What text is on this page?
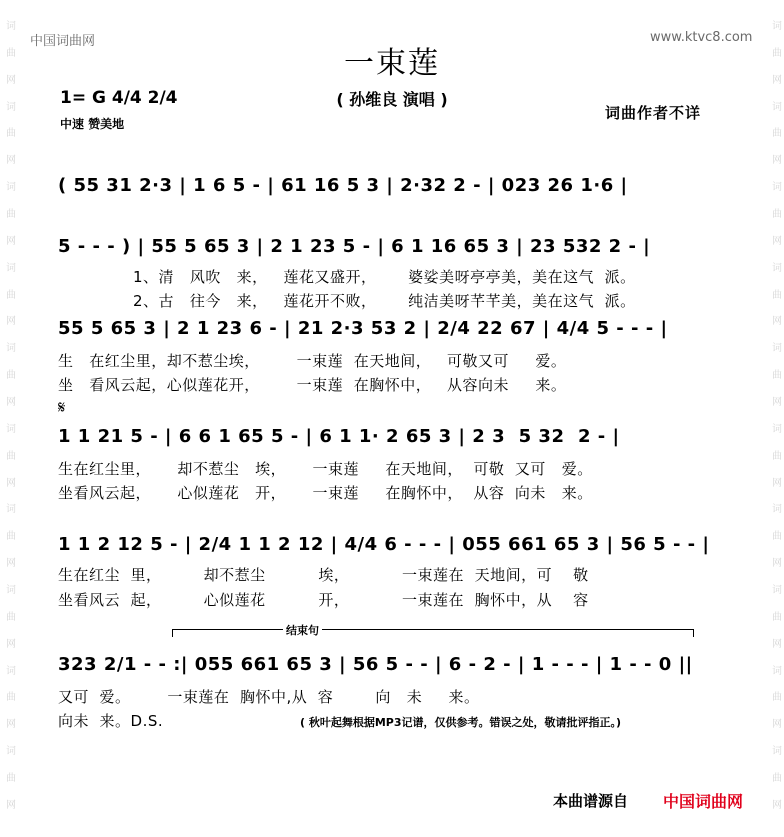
词
曲
网
词
曲
网
词
曲
网
词
曲
网
词
曲
网
词
曲
网
词
曲
网
词
曲
网
词
曲
网
词
曲
网
词
曲
网
词
曲
网
词
曲
网
词
曲
网
词
曲
网
词
曲
网
词
曲
网
词
曲
网
词
曲
网
词
曲
网
中国词曲网	www.ktvc8.com
一束莲
( 孙维良 演唱 )
1= G 4/4 2/4
中速 赞美地
词曲作者不详
( 55 31 2·3 | 1 6 5 - | 61 16 5 3 | 2·32 2 - | 023 26 1·6 |
5 - - - ) | 55 5 65 3 | 2 1 23 5 - | 6 1 16 65 3 | 23 532 2 - |
1、清   风吹   来，   莲花又盛开，      婆娑美呀亭亭美，美在这气  派。
2、古   往今   来，   莲花开不败，      纯洁美呀芊芊美，美在这气  派。
55 5 65 3 | 2 1 23 6 - | 21 2·3 53 2 | 2/4 22 67 | 4/4 5 - - - |
生   在红尘里，却不惹尘埃，       一束莲  在天地间，   可敬又可     爱。
坐   看风云起，心似莲花开，       一束莲  在胸怀中，   从容向未     来。
𝄋
1 1 21 5 - | 6 6 1 65 5 - | 6 1 1· 2 65 3 | 2 3  5 32  2 - |
生在红尘里，     却不惹尘   埃，     一束莲     在天地间，  可敬  又可   爱。
坐看风云起，     心似莲花   开，     一束莲     在胸怀中，  从容  向未   来。
1 1 2 12 5 - | 2/4 1 1 2 12 | 4/4 6 - - - | 055 661 65 3 | 56 5 - - |
生在红尘  里，        却不惹尘          埃，          一束莲在  天地间，可    敬
坐看风云  起，        心似莲花          开，          一束莲在  胸怀中，从    容
结束句
323 2/1 - - :| 055 661 65 3 | 56 5 - - | 6 - 2 - | 1 - - - | 1 - - 0 ||
又可  爱。       一束莲在  胸怀中,从  容        向   未     来。
向未  来。D.S.	( 秋叶起舞根据MP3记谱，仅供参考。错误之处，敬请批评指正。)
本曲谱源自 中国词曲网
